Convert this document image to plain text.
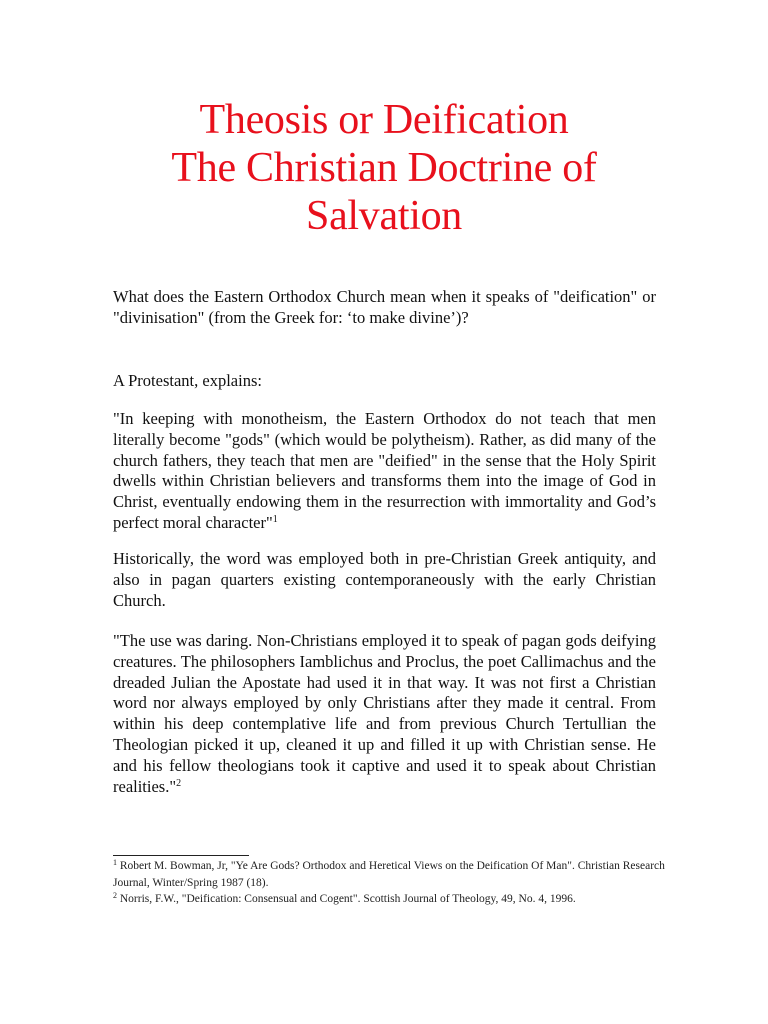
Theosis or Deification
The Christian Doctrine of
Salvation

What does the Eastern Orthodox Church mean when it speaks of "deification" or "divinisation" (from the Greek for: ‘to make divine’)?

A Protestant, explains:

"In keeping with monotheism, the Eastern Orthodox do not teach that men literally become "gods" (which would be polytheism). Rather, as did many of the church fathers, they teach that men are "deified" in the sense that the Holy Spirit dwells within Christian believers and transforms them into the image of God in Christ, eventually endowing them in the resurrection with immortality and God’s perfect moral character"$^1$

Historically, the word was employed both in pre-Christian Greek antiquity, and also in pagan quarters existing contemporaneously with the early Christian Church.

"The use was daring. Non-Christians employed it to speak of pagan gods deifying creatures. The philosophers Iamblichus and Proclus, the poet Callimachus and the dreaded Julian the Apostate had used it in that way. It was not first a Christian word nor always employed by only Christians after they made it central. From within his deep contemplative life and from previous Church Tertullian the Theologian picked it up, cleaned it up and filled it up with Christian sense. He and his fellow theologians took it captive and used it to speak about Christian realities."$^2$

$^1$ Robert M. Bowman, Jr, "Ye Are Gods? Orthodox and Heretical Views on the Deification Of Man". Christian Research Journal, Winter/Spring 1987 (18).

$^2$ Norris, F.W., "Deification: Consensual and Cogent". Scottish Journal of Theology, 49, No. 4, 1996.
